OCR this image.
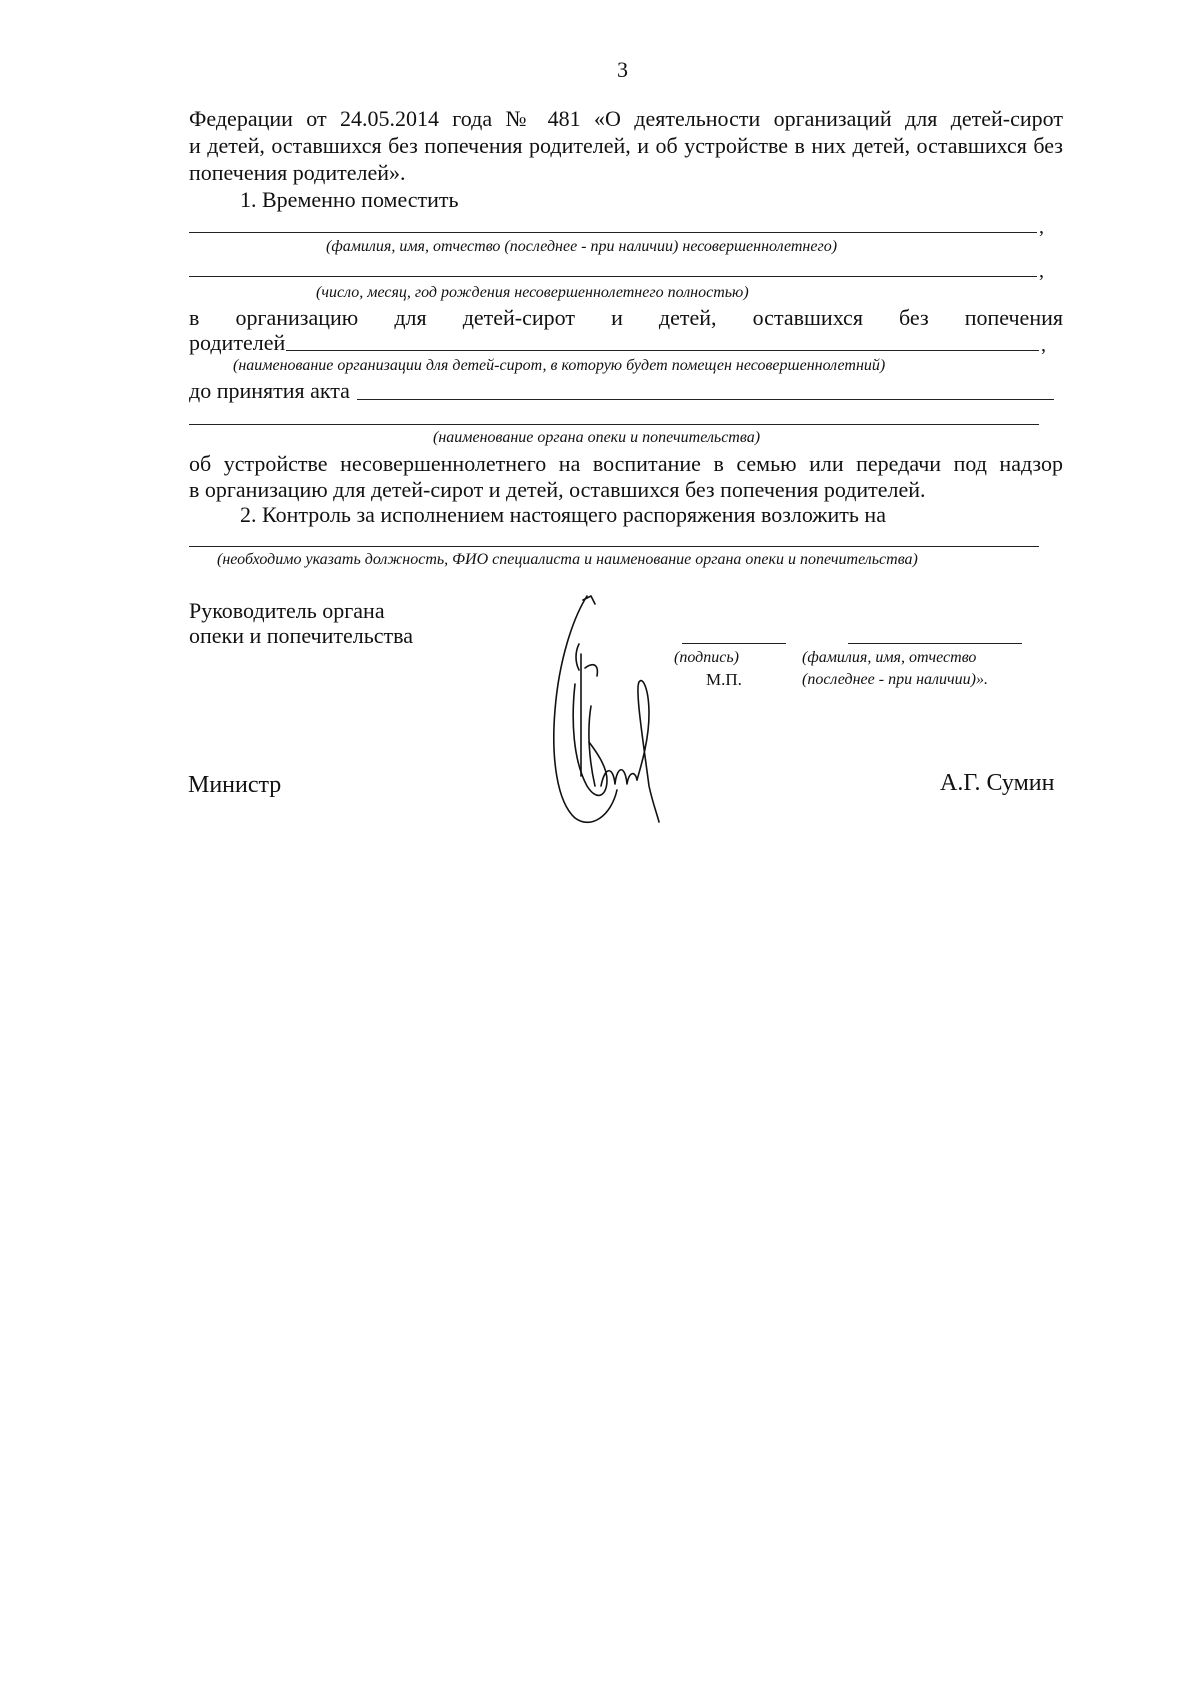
3
Федерации от 24.05.2014 года № 481 «О деятельности организаций для детей-сирот
и детей, оставшихся без попечения родителей, и об устройстве в них детей, оставшихся без
попечения родителей».
1. Временно поместить
,
(фамилия, имя, отчество (последнее - при наличии) несовершеннолетнего)
,
(число, месяц, год рождения несовершеннолетнего полностью)
в организацию для детей-сирот и детей, оставшихся без попечения
родителей	,
(наименование организации для детей-сирот, в которую будет помещен несовершеннолетний)
до принятия акта
(наименование органа опеки и попечительства)
об устройстве несовершеннолетнего на воспитание в семью или передачи под надзор
в организацию для детей-сирот и детей, оставшихся без попечения родителей.
2. Контроль за исполнением настоящего распоряжения возложить на
(необходимо указать должность, ФИО специалиста и наименование органа опеки и попечительства)
Руководитель органа
опеки и попечительства
(подпись)	(фамилия, имя, отчество
М.П.	(последнее - при наличии)».
Министр	А.Г. Сумин
